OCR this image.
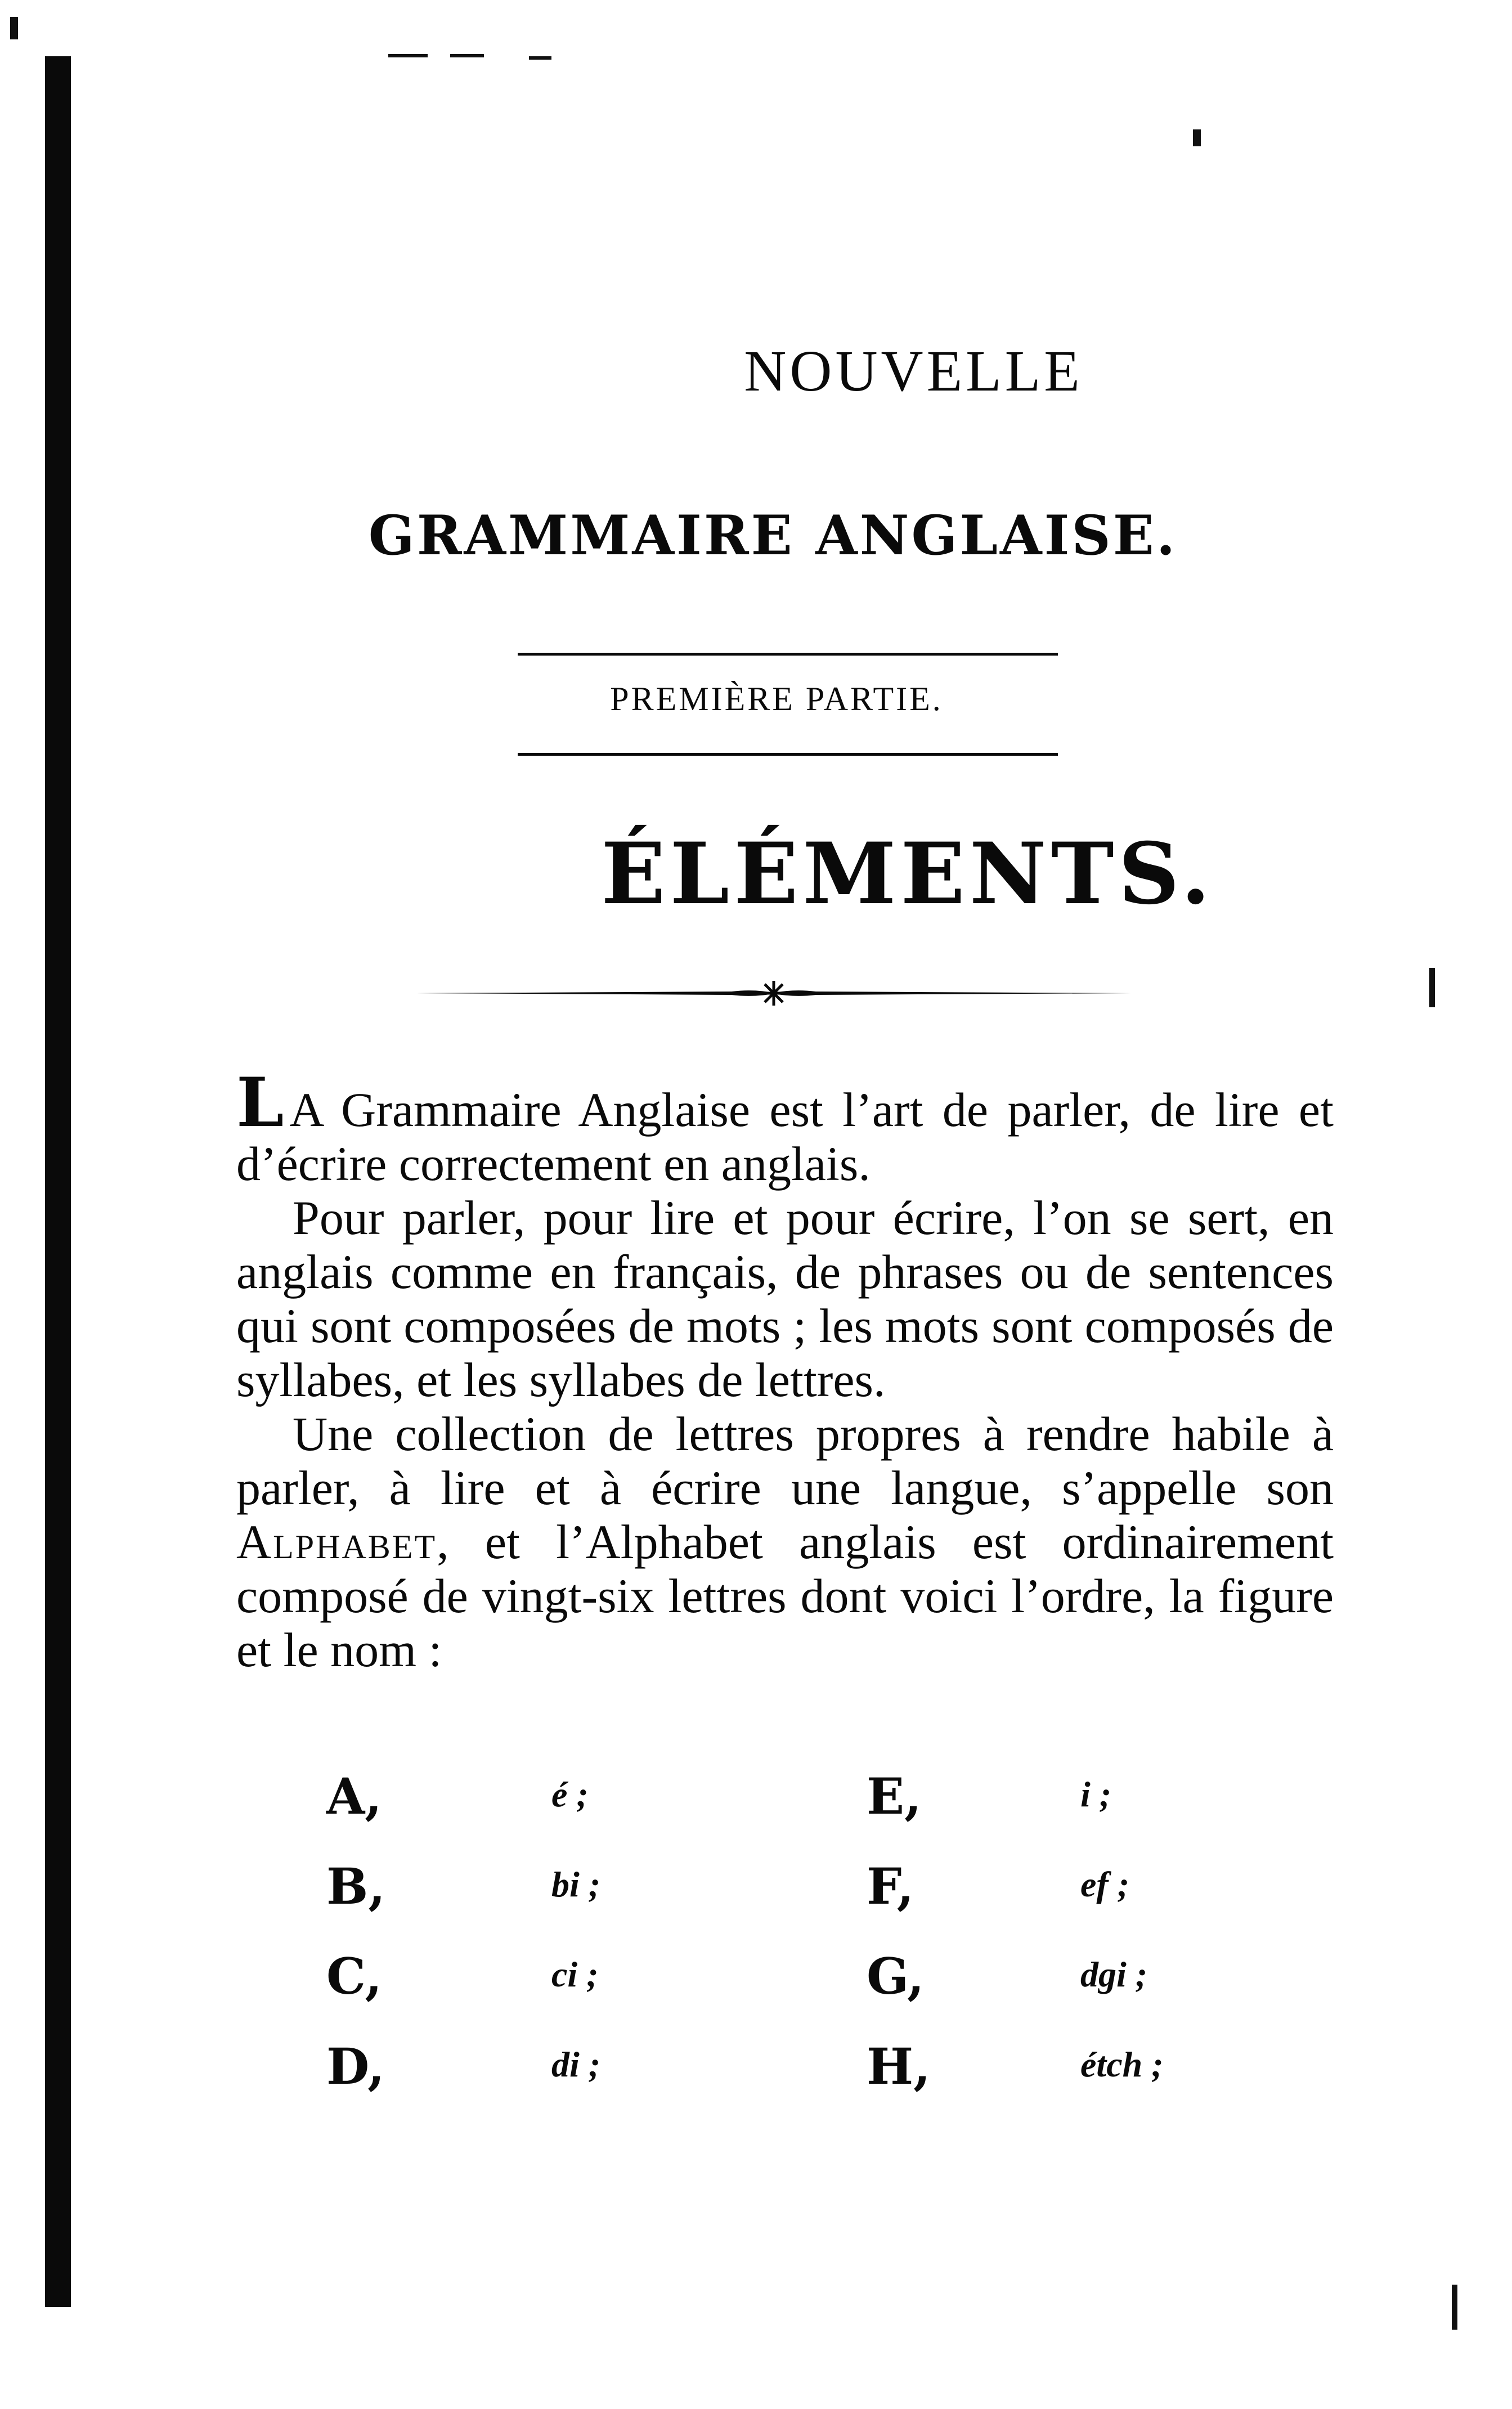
NOUVELLE
GRAMMAIRE ANGLAISE.
PREMIÈRE PARTIE.
ÉLÉMENTS.

L A Grammaire Anglaise est l’art de parler, de lire et d’écrire correctement en anglais.

Pour parler, pour lire et pour écrire, l’on se sert, en anglais comme en français, de phrases ou de sentences qui sont composées de mots ; les mots sont composés de syllabes, et les syllabes de lettres.

Une collection de lettres propres à rendre habile à parler, à lire et à écrire une langue, s’appelle son Alphabet, et l’Alphabet anglais est ordinairement composé de vingt-six lettres dont voici l’ordre, la figure et le nom :

A,	é ;	E,	i ;
B,	bi ;	F,	ef ;
C,	ci ;	G,	dgi ;
D,	di ;	H,	étch ;
